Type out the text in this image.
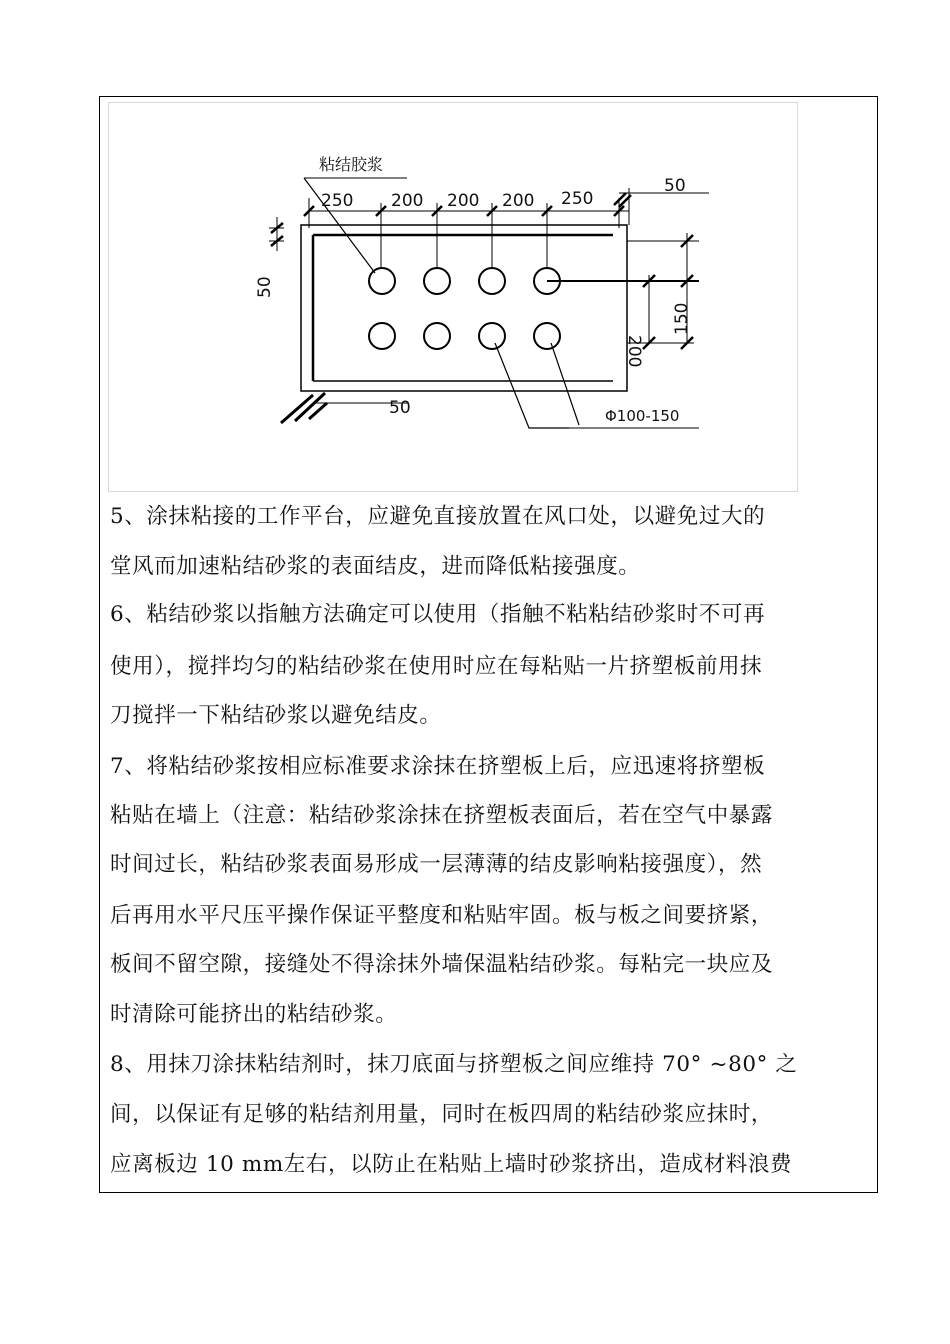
粘结胶浆
250 200 200 200 250
50
50
50
200
150
Φ100-150
5、涂抹粘接的工作平台，应避免直接放置在风口处，以避免过大的
堂风而加速粘结砂浆的表面结皮，进而降低粘接强度。
6、粘结砂浆以指触方法确定可以使用（指触不粘粘结砂浆时不可再
使用），搅拌均匀的粘结砂浆在使用时应在每粘贴一片挤塑板前用抹
刀搅拌一下粘结砂浆以避免结皮。
7、将粘结砂浆按相应标准要求涂抹在挤塑板上后，应迅速将挤塑板
粘贴在墙上（注意：粘结砂浆涂抹在挤塑板表面后，若在空气中暴露
时间过长，粘结砂浆表面易形成一层薄薄的结皮影响粘接强度），然
后再用水平尺压平操作保证平整度和粘贴牢固。板与板之间要挤紧，
板间不留空隙，接缝处不得涂抹外墙保温粘结砂浆。每粘完一块应及
时清除可能挤出的粘结砂浆。
8、用抹刀涂抹粘结剂时，抹刀底面与挤塑板之间应维持 70° ~80° 之
间，以保证有足够的粘结剂用量，同时在板四周的粘结砂浆应抹时，
应离板边 10 mm左右，以防止在粘贴上墙时砂浆挤出，造成材料浪费
